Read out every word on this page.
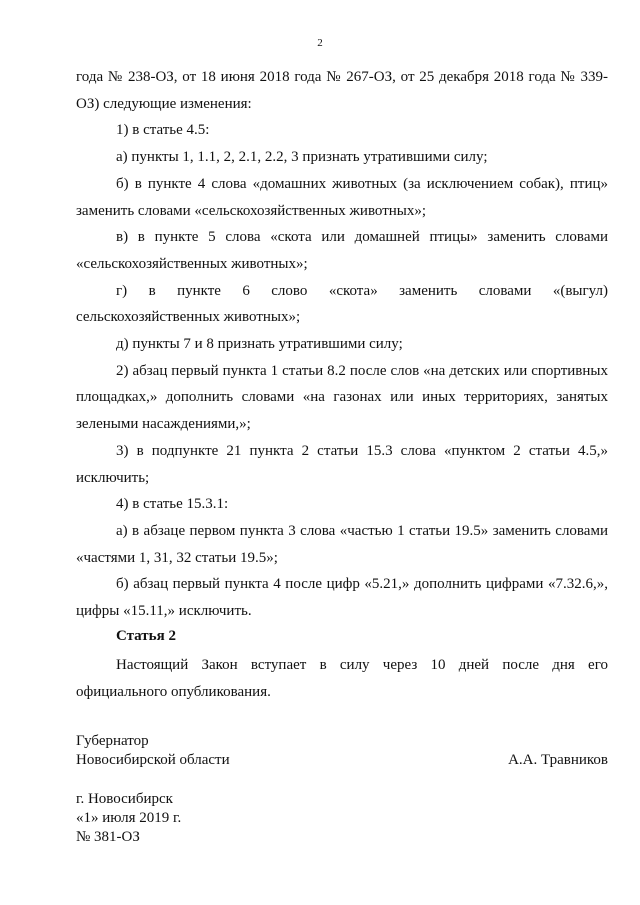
2

года № 238-ОЗ, от 18 июня 2018 года № 267-ОЗ, от 25 декабря 2018 года № 339-ОЗ) следующие изменения:

1) в статье 4.5:

а) пункты 1, 1.1, 2, 2.1, 2.2, 3 признать утратившими силу;

б) в пункте 4 слова «домашних животных (за исключением собак), птиц» заменить словами «сельскохозяйственных животных»;

в) в пункте 5 слова «скота или домашней птицы» заменить словами «сельскохозяйственных животных»;

г) в пункте 6 слово «скота» заменить словами «(выгул) сельскохозяйственных животных»;

д) пункты 7 и 8 признать утратившими силу;

2) абзац первый пункта 1 статьи 8.2 после слов «на детских или спортивных площадках,» дополнить словами «на газонах или иных территориях, занятых зелеными насаждениями,»;

3) в подпункте 21 пункта 2 статьи 15.3 слова «пунктом 2 статьи 4.5,» исключить;

4) в статье 15.3.1:

а) в абзаце первом пункта 3 слова «частью 1 статьи 19.5» заменить словами «частями 1, 31, 32 статьи 19.5»;

б) абзац первый пункта 4 после цифр «5.21,» дополнить цифрами «7.32.6,», цифры «15.11,» исключить.

Статья 2

Настоящий Закон вступает в силу через 10 дней после дня его официального опубликования.

Губернатор
Новосибирской области	А.А. Травников
г. Новосибирск
«1» июля 2019 г.
№ 381-ОЗ
